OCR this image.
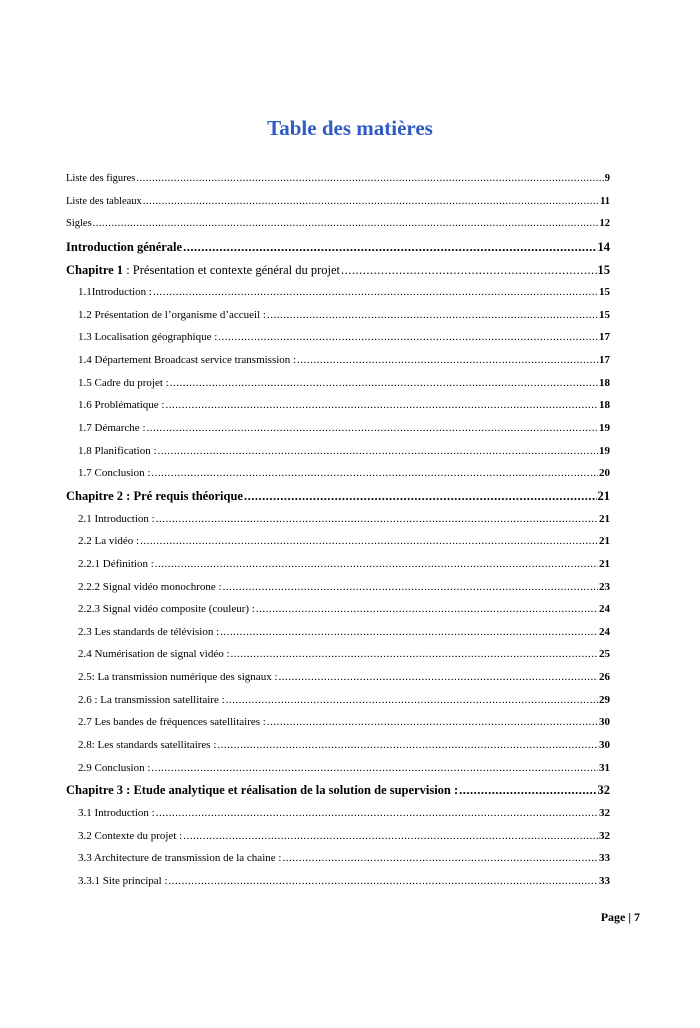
Table des matières
Liste des figures .....	9
Liste des tableaux .....	11
Sigles .....	12
Introduction générale .....	14
Chapitre 1 : Présentation et contexte général du projet .....	15
1.1Introduction : .....	15
1.2 Présentation de l’organisme d’accueil : .....	15
1.3 Localisation géographique : .....	17
1.4 Département Broadcast service transmission : .....	17
1.5 Cadre du projet : .....	18
1.6 Problématique : .....	18
1.7 Démarche : .....	19
1.8 Planification : .....	19
1.7 Conclusion : .....	20
Chapitre 2 : Pré requis théorique .....	21
2.1 Introduction : .....	21
2.2 La vidéo : .....	21
2.2.1 Définition : .....	21
2.2.2 Signal vidéo monochrone : .....	23
2.2.3 Signal vidéo composite (couleur) : .....	24
2.3 Les standards de télévision : .....	24
2.4 Numérisation de signal vidéo : .....	25
2.5: La transmission numérique des signaux : .....	26
2.6 : La transmission satellitaire : .....	29
2.7 Les bandes de fréquences satellitaires : .....	30
2.8: Les standards satellitaires : .....	30
2.9 Conclusion : .....	31
Chapitre 3 : Etude analytique et réalisation de la solution de supervision : .....	32
3.1 Introduction : .....	32
3.2 Contexte du projet : .....	32
3.3 Architecture de transmission de la chaine : .....	33
3.3.1 Site principal : .....	33
Page | 7
